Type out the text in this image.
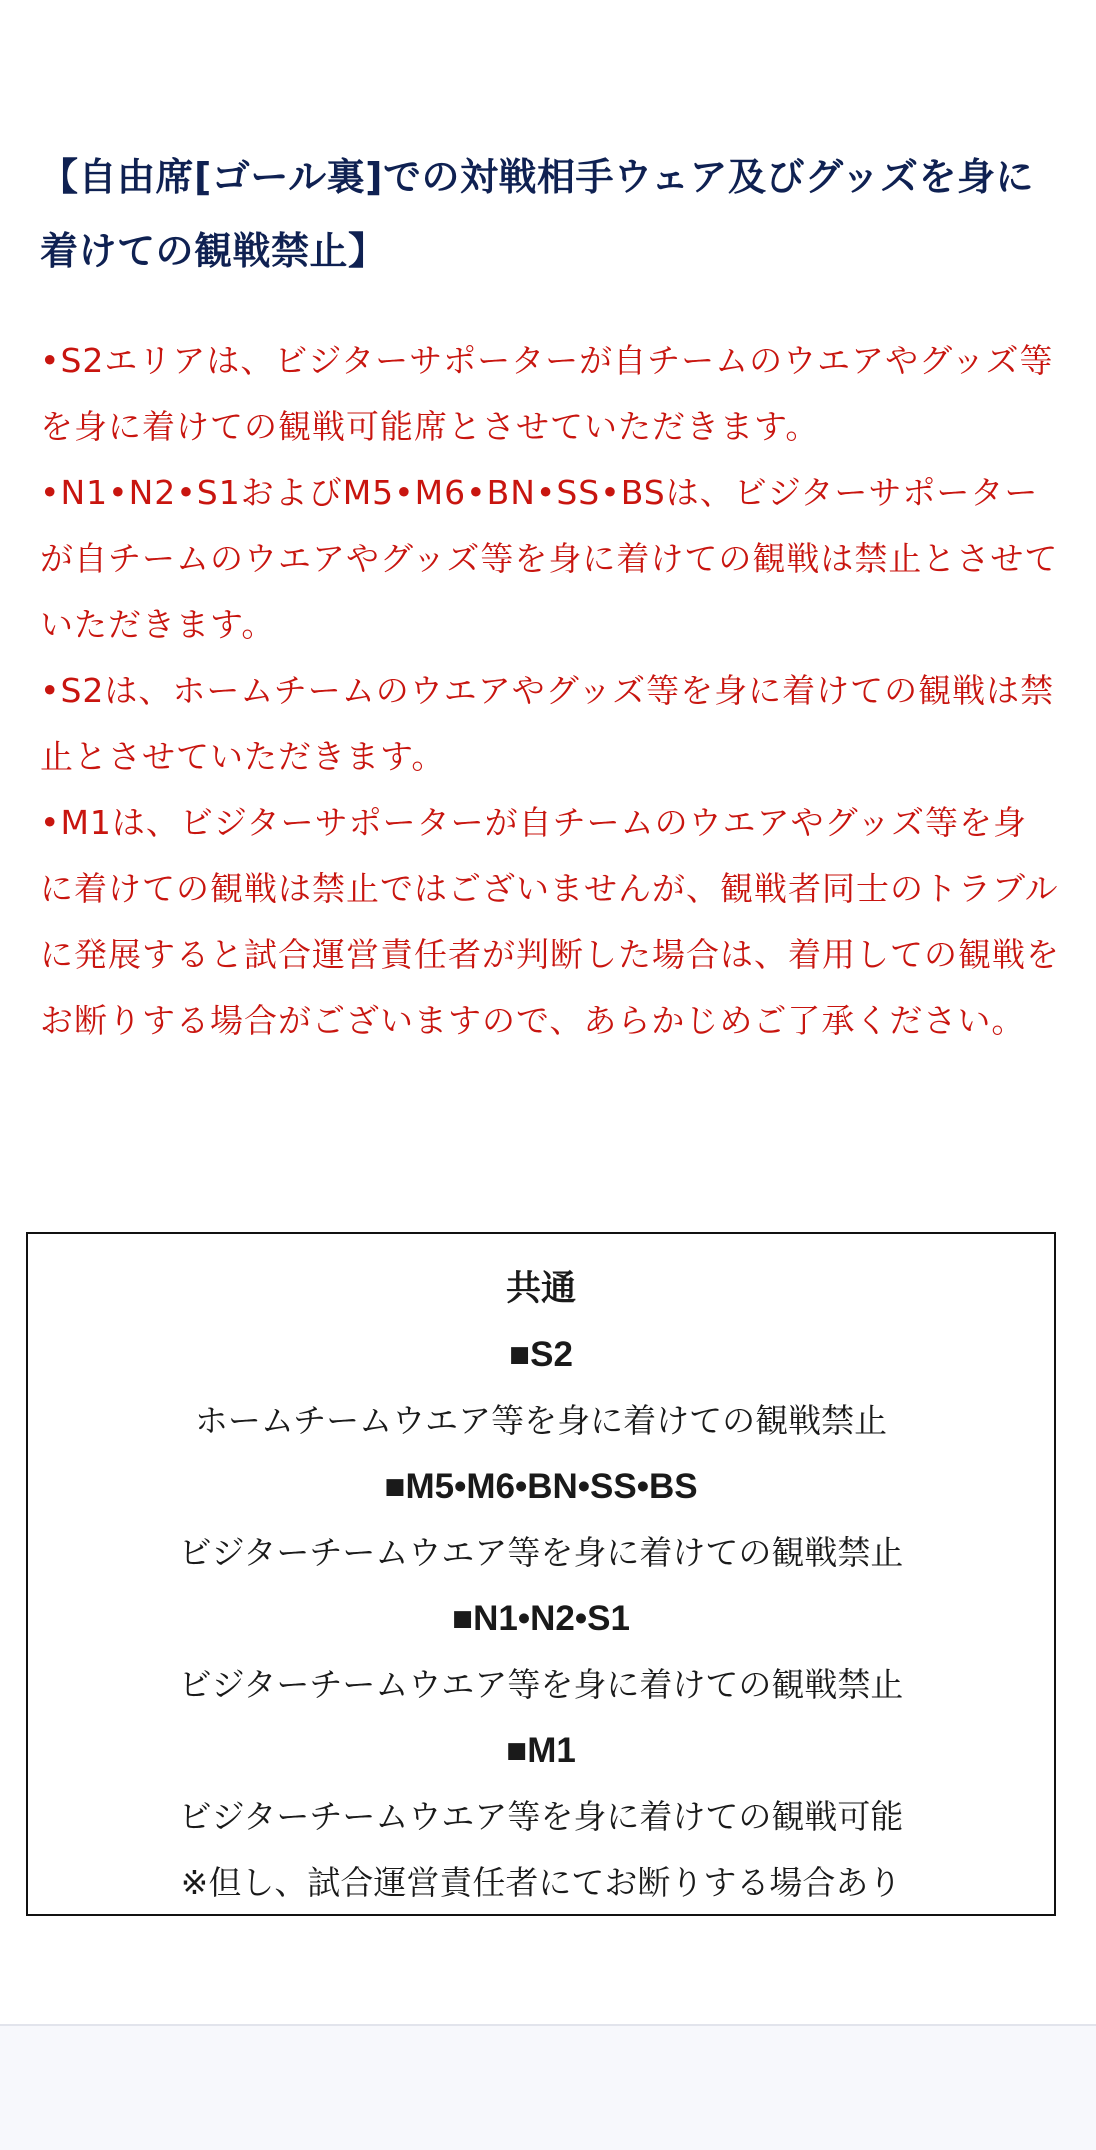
【自由席[ゴール裏]での対戦相手ウェア及びグッズを身に着けての観戦禁止】

•S2エリアは、ビジターサポーターが自チームのウエアやグッズ等を身に着けての観戦可能席とさせていただきます。

•N1•N2•S1およびM5•M6•BN•SS•BSは、ビジターサポーターが自チームのウエアやグッズ等を身に着けての観戦は禁止とさせていただきます。

•S2は、ホームチームのウエアやグッズ等を身に着けての観戦は禁止とさせていただきます。

•M1は、ビジターサポーターが自チームのウエアやグッズ等を身に着けての観戦は禁止ではございませんが、観戦者同士のトラブルに発展すると試合運営責任者が判断した場合は、着用しての観戦をお断りする場合がございますので、あらかじめご了承ください。

共通

■S2

ホームチームウエア等を身に着けての観戦禁止

■M5•M6•BN•SS•BS

ビジターチームウエア等を身に着けての観戦禁止

■N1•N2•S1

ビジターチームウエア等を身に着けての観戦禁止

■M1

ビジターチームウエア等を身に着けての観戦可能

※但し、試合運営責任者にてお断りする場合あり
